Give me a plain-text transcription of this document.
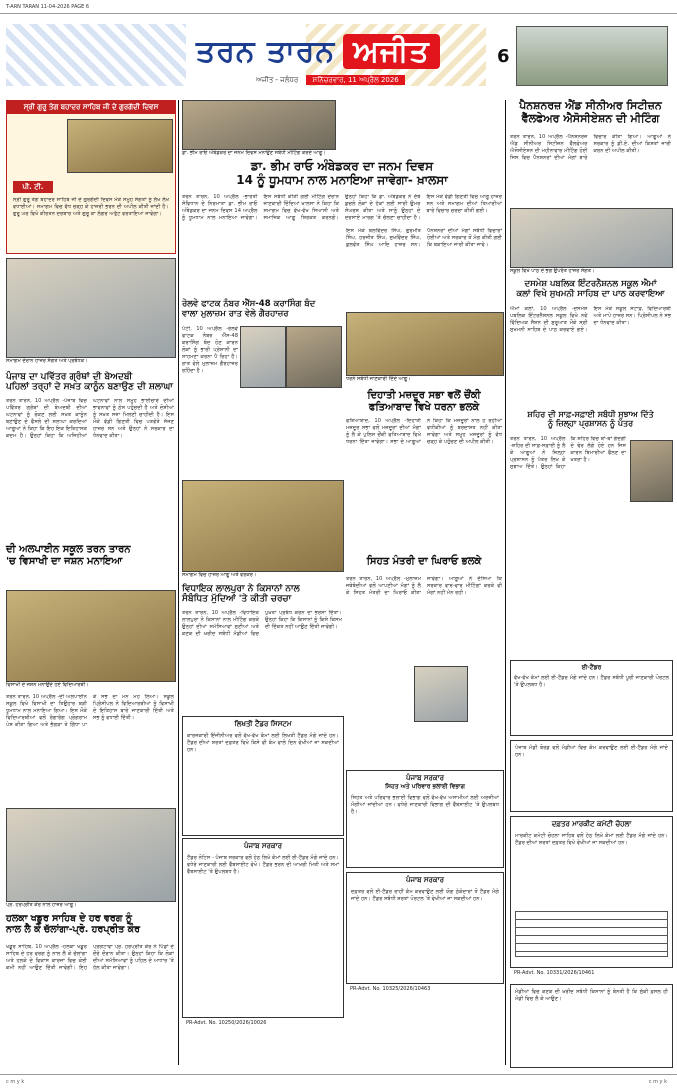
T-ARN TARAN 11-04-2026 PAGE 6
ਤਰਨ ਤਾਰਨ ਅਜੀਤ
ਅਜੀਤ - ਜਲੰਧਰ ਸ਼ਨਿੱਚਰਵਾਰ, 11 ਅਪ੍ਰੈਲ 2026
6
ਸ੍ਰੀ ਗੁਰੂ ਤੇਗ ਬਹਾਦਰ ਸਾਹਿਬ ਜੀ ਦੇ ਗੁਰਗੱਦੀ ਦਿਵਸ
ਪੀ. ਟੀ.
ਸ੍ਰੀ ਗੁਰੂ ਤੇਗ ਬਹਾਦਰ ਸਾਹਿਬ ਜੀ ਦੇ ਗੁਰਗੱਦੀ ਦਿਵਸ ਮੌਕੇ ਸਮੂਹ ਸੰਗਤਾਂ ਨੂੰ ਲੱਖ ਲੱਖ ਵਧਾਈਆਂ। ਸਮਾਗਮ ਵਿਚ ਵੱਧ ਚੜ੍ਹ ਕੇ ਹਾਜ਼ਰੀ ਭਰਨ ਦੀ ਅਪੀਲ ਕੀਤੀ ਜਾਂਦੀ ਹੈ। ਗੁਰੂ ਘਰ ਵਿਖੇ ਕੀਰਤਨ ਦਰਬਾਰ ਅਤੇ ਗੁਰੂ ਕਾ ਲੰਗਰ ਅਤੁੱਟ ਵਰਤਾਇਆ ਜਾਵੇਗਾ।
ਸਮਾਗਮ ਦੌਰਾਨ ਹਾਜ਼ਰ ਸੰਗਤ ਅਤੇ ਪ੍ਰਬੰਧਕ।
ਪੰਜਾਬ ਦਾ ਪਵਿੱਤਰ ਗ੍ਰੰਥਾਂ ਦੀ ਬੇਅਦਬੀ
ਪਹਿਲਾਂ ਤਰ੍ਹਾਂ ਦੇ ਸਖ਼ਤ ਕਾਨੂੰਨ ਬਣਾਉਣ ਦੀ ਸ਼ਲਾਘਾ
ਤਰਨ ਤਾਰਨ, 10 ਅਪ੍ਰੈਲ -ਪੰਜਾਬ ਵਿਚ ਪਵਿੱਤਰ ਗ੍ਰੰਥਾਂ ਦੀ ਬੇਅਦਬੀ ਦੀਆਂ ਘਟਨਾਵਾਂ ਨੂੰ ਰੋਕਣ ਲਈ ਸਖ਼ਤ ਕਾਨੂੰਨ ਬਣਾਉਣ ਦੇ ਫੈਸਲੇ ਦੀ ਸ਼ਲਾਘਾ ਕਰਦਿਆਂ ਆਗੂਆਂ ਨੇ ਕਿਹਾ ਕਿ ਇਹ ਇਕ ਇਤਿਹਾਸਕ ਕਦਮ ਹੈ। ਉਨ੍ਹਾਂ ਕਿਹਾ ਕਿ ਅਜਿਹੀਆਂ ਘਟਨਾਵਾਂ ਨਾਲ ਸਮੂਹ ਭਾਈਚਾਰੇ ਦੀਆਂ ਭਾਵਨਾਵਾਂ ਨੂੰ ਠੇਸ ਪਹੁੰਚਦੀ ਹੈ ਅਤੇ ਦੋਸ਼ੀਆਂ ਨੂੰ ਸਖ਼ਤ ਸਜ਼ਾ ਮਿਲਣੀ ਚਾਹੀਦੀ ਹੈ। ਇਸ ਮੌਕੇ ਵੱਡੀ ਗਿਣਤੀ ਵਿਚ ਪਤਵੰਤੇ ਸੱਜਣ ਹਾਜ਼ਰ ਸਨ ਅਤੇ ਉਨ੍ਹਾਂ ਨੇ ਸਰਕਾਰ ਦਾ ਧੰਨਵਾਦ ਕੀਤਾ।
ਦੀ ਅਲਪਾਈਨ ਸਕੂਲ ਤਰਨ ਤਾਰਨ
'ਚ ਵਿਸਾਖੀ ਦਾ ਜਸ਼ਨ ਮਨਾਇਆ
ਵਿਸਾਖੀ ਦੇ ਜਸ਼ਨ ਮਨਾਉਂਦੇ ਹੋਏ ਵਿਦਿਆਰਥੀ।
ਤਰਨ ਤਾਰਨ, 10 ਅਪ੍ਰੈਲ -ਦੀ ਅਲਪਾਈਨ ਸਕੂਲ ਵਿਖੇ ਵਿਸਾਖੀ ਦਾ ਤਿਉਹਾਰ ਬੜੀ ਧੂਮਧਾਮ ਨਾਲ ਮਨਾਇਆ ਗਿਆ। ਇਸ ਮੌਕੇ ਵਿਦਿਆਰਥੀਆਂ ਵਲੋਂ ਰੰਗਾਰੰਗ ਪ੍ਰੋਗਰਾਮ ਪੇਸ਼ ਕੀਤਾ ਗਿਆ ਅਤੇ ਭੰਗੜਾ ਤੇ ਗਿੱਧਾ ਪਾ ਕੇ ਸਭ ਦਾ ਮਨ ਮੋਹ ਲਿਆ। ਸਕੂਲ ਪ੍ਰਿੰਸੀਪਲ ਨੇ ਵਿਦਿਆਰਥੀਆਂ ਨੂੰ ਵਿਸਾਖੀ ਦੇ ਇਤਿਹਾਸ ਬਾਰੇ ਜਾਣਕਾਰੀ ਦਿੱਤੀ ਅਤੇ ਸਭ ਨੂੰ ਵਧਾਈ ਦਿੱਤੀ।
ਪ੍ਰੋ. ਹਰਪ੍ਰੀਤ ਕੌਰ ਨਾਲ ਹਾਜ਼ਰ ਆਗੂ।
ਹਲਕਾ ਖਡੂਰ ਸਾਹਿਬ ਦੇ ਹਰ ਵਰਗ ਨੂੰ
ਨਾਲ ਲੈ ਕੇ ਚੱਲਾਂਗਾ-ਪ੍ਰੋ. ਹਰਪ੍ਰੀਤ ਕੌਰ
ਖਡੂਰ ਸਾਹਿਬ, 10 ਅਪ੍ਰੈਲ -ਹਲਕਾ ਖਡੂਰ ਸਾਹਿਬ ਦੇ ਹਰ ਵਰਗ ਨੂੰ ਨਾਲ ਲੈ ਕੇ ਚੱਲਾਂਗਾ ਅਤੇ ਹਲਕੇ ਦੇ ਵਿਕਾਸ ਕਾਰਜਾਂ ਵਿਚ ਕੋਈ ਕਮੀ ਨਹੀਂ ਆਉਣ ਦਿੱਤੀ ਜਾਵੇਗੀ। ਇਹ ਪ੍ਰਗਟਾਵਾ ਪ੍ਰੋ. ਹਰਪ੍ਰੀਤ ਕੌਰ ਨੇ ਪਿੰਡਾਂ ਦੇ ਦੌਰੇ ਦੌਰਾਨ ਕੀਤਾ। ਉਨ੍ਹਾਂ ਕਿਹਾ ਕਿ ਲੋਕਾਂ ਦੀਆਂ ਸਮੱਸਿਆਵਾਂ ਨੂੰ ਪਹਿਲ ਦੇ ਆਧਾਰ 'ਤੇ ਹੱਲ ਕੀਤਾ ਜਾਵੇਗਾ।
ਡਾ. ਭੀਮ ਰਾਓ ਅੰਬੇਡਕਰ ਦਾ ਜਨਮ ਦਿਵਸ ਮਨਾਉਣ ਸਬੰਧੀ ਮੀਟਿੰਗ ਕਰਦੇ ਆਗੂ।
ਡਾ. ਭੀਮ ਰਾਓ ਅੰਬੇਡਕਰ ਦਾ ਜਨਮ ਦਿਵਸ
14 ਨੂੰ ਧੂਮਧਾਮ ਨਾਲ ਮਨਾਇਆ ਜਾਵੇਗਾ- ਖ਼ਾਲਸਾ
ਤਰਨ ਤਾਰਨ, 10 ਅਪ੍ਰੈਲ -ਭਾਰਤੀ ਸੰਵਿਧਾਨ ਦੇ ਨਿਰਮਾਤਾ ਡਾ. ਭੀਮ ਰਾਓ ਅੰਬੇਡਕਰ ਦਾ ਜਨਮ ਦਿਵਸ 14 ਅਪ੍ਰੈਲ ਨੂੰ ਧੂਮਧਾਮ ਨਾਲ ਮਨਾਇਆ ਜਾਵੇਗਾ। ਇਸ ਸਬੰਧੀ ਕੀਤੀ ਗਈ ਮੀਟਿੰਗ ਦੌਰਾਨ ਜਾਣਕਾਰੀ ਦਿੰਦਿਆਂ ਖ਼ਾਲਸਾ ਨੇ ਕਿਹਾ ਕਿ ਸਮਾਗਮ ਵਿਚ ਵੱਖ-ਵੱਖ ਸਿਆਸੀ ਅਤੇ ਸਮਾਜਿਕ ਆਗੂ ਸ਼ਿਰਕਤ ਕਰਨਗੇ। ਉਨ੍ਹਾਂ ਕਿਹਾ ਕਿ ਡਾ. ਅੰਬੇਡਕਰ ਨੇ ਦੱਬੇ ਕੁਚਲੇ ਲੋਕਾਂ ਦੇ ਹੱਕਾਂ ਲਈ ਸਾਰੀ ਉਮਰ ਸੰਘਰਸ਼ ਕੀਤਾ ਅਤੇ ਸਾਨੂੰ ਉਨ੍ਹਾਂ ਦੇ ਦਰਸਾਏ ਮਾਰਗ 'ਤੇ ਚੱਲਣਾ ਚਾਹੀਦਾ ਹੈ। ਇਸ ਮੌਕੇ ਵੱਡੀ ਗਿਣਤੀ ਵਿਚ ਆਗੂ ਹਾਜ਼ਰ ਸਨ ਅਤੇ ਸਮਾਗਮ ਦੀਆਂ ਤਿਆਰੀਆਂ ਬਾਰੇ ਵਿਚਾਰ ਚਰਚਾ ਕੀਤੀ ਗਈ।
ਰੇਲਵੇ ਫਾਟਕ ਨੰਬਰ ਐੱਸ-48 ਕਰਾਸਿੰਗ ਬੰਦ
ਵਾਲਾ ਮੁਲਾਜ਼ਮ ਰਾਤ ਵੇਲੇ ਗੈਰਹਾਜ਼ਰ
ਪੱਟੀ, 10 ਅਪ੍ਰੈਲ -ਰੇਲਵੇ ਫਾਟਕ ਨੰਬਰ ਐੱਸ-48 ਕਰਾਸਿੰਗ ਬੰਦ ਹੋਣ ਕਾਰਨ ਲੋਕਾਂ ਨੂੰ ਭਾਰੀ ਪ੍ਰੇਸ਼ਾਨੀ ਦਾ ਸਾਹਮਣਾ ਕਰਨਾ ਪੈ ਰਿਹਾ ਹੈ। ਰਾਤ ਵੇਲੇ ਮੁਲਾਜ਼ਮ ਗੈਰਹਾਜ਼ਰ ਰਹਿੰਦਾ ਹੈ।
ਸਮਾਗਮ ਵਿਚ ਹਾਜ਼ਰ ਆਗੂ ਅਤੇ ਵਰਕਰ।
ਵਿਧਾਇਕ ਲਾਲਪੁਰਾ ਨੇ ਕਿਸਾਨਾਂ ਨਾਲ
ਸੰਬੰਧਿਤ ਮੁੱਦਿਆਂ 'ਤੇ ਕੀਤੀ ਚਰਚਾ
ਤਰਨ ਤਾਰਨ, 10 ਅਪ੍ਰੈਲ -ਵਿਧਾਇਕ ਲਾਲਪੁਰਾ ਨੇ ਕਿਸਾਨਾਂ ਨਾਲ ਮੀਟਿੰਗ ਕਰਕੇ ਉਨ੍ਹਾਂ ਦੀਆਂ ਸਮੱਸਿਆਵਾਂ ਸੁਣੀਆਂ ਅਤੇ ਕਣਕ ਦੀ ਖ਼ਰੀਦ ਸਬੰਧੀ ਮੰਡੀਆਂ ਵਿਚ ਪੁਖ਼ਤਾ ਪ੍ਰਬੰਧ ਕਰਨ ਦਾ ਭਰੋਸਾ ਦਿੱਤਾ। ਉਨ੍ਹਾਂ ਕਿਹਾ ਕਿ ਕਿਸਾਨਾਂ ਨੂੰ ਕਿਸੇ ਕਿਸਮ ਦੀ ਦਿੱਕਤ ਨਹੀਂ ਆਉਣ ਦਿੱਤੀ ਜਾਵੇਗੀ।
ਲਿਖਤੀ ਟੈਂਡਰ ਸਿਸਟਮ
ਕਾਰਜਕਾਰੀ ਇੰਜੀਨੀਅਰ ਵਲੋਂ ਵੱਖ-ਵੱਖ ਕੰਮਾਂ ਲਈ ਲਿਖਤੀ ਟੈਂਡਰ ਮੰਗੇ ਜਾਂਦੇ ਹਨ। ਟੈਂਡਰ ਦੀਆਂ ਸ਼ਰਤਾਂ ਦਫ਼ਤਰ ਵਿਖੇ ਕਿਸੇ ਵੀ ਕੰਮ ਵਾਲੇ ਦਿਨ ਵੇਖੀਆਂ ਜਾ ਸਕਦੀਆਂ ਹਨ।
ਪੰਜਾਬ ਸਰਕਾਰ
ਟੈਂਡਰ ਨੋਟਿਸ - ਪੰਜਾਬ ਸਰਕਾਰ ਵਲੋਂ ਹੇਠ ਲਿਖੇ ਕੰਮਾਂ ਲਈ ਈ-ਟੈਂਡਰ ਮੰਗੇ ਜਾਂਦੇ ਹਨ। ਵਧੇਰੇ ਜਾਣਕਾਰੀ ਲਈ ਵੈੱਬਸਾਈਟ ਵੇਖੋ। ਟੈਂਡਰ ਭਰਨ ਦੀ ਆਖਰੀ ਮਿਤੀ ਅਤੇ ਸਮਾਂ ਵੈੱਬਸਾਈਟ 'ਤੇ ਉਪਲਬਧ ਹੈ।
PR-Advt. No. 10250/2026/10026
ਇਸ ਮੌਕੇ ਬਲਵਿੰਦਰ ਸਿੰਘ, ਗੁਰਮੀਤ ਸਿੰਘ, ਹਰਜੀਤ ਸਿੰਘ, ਸੁਖਵਿੰਦਰ ਸਿੰਘ, ਕੁਲਵੰਤ ਸਿੰਘ ਆਦਿ ਹਾਜ਼ਰ ਸਨ। ਪੈਨਸ਼ਨਰਾਂ ਦੀਆਂ ਮੰਗਾਂ ਸਬੰਧੀ ਵਿਚਾਰਾਂ ਹੋਈਆਂ ਅਤੇ ਸਰਕਾਰ ਤੋਂ ਮੰਗ ਕੀਤੀ ਗਈ ਕਿ ਬਕਾਇਆ ਜਾਰੀ ਕੀਤਾ ਜਾਵੇ।
ਧਰਨੇ ਸਬੰਧੀ ਜਾਣਕਾਰੀ ਦਿੰਦੇ ਆਗੂ।
ਦਿਹਾਤੀ ਮਜ਼ਦੂਰ ਸਭਾ ਵਲੋਂ ਚੌਂਕੀ
ਫਤਿਆਬਾਦ ਵਿਖੇ ਧਰਨਾ ਭਲਕੇ
ਫਤਿਆਬਾਦ, 10 ਅਪ੍ਰੈਲ -ਦਿਹਾਤੀ ਮਜ਼ਦੂਰ ਸਭਾ ਵਲੋਂ ਮਜ਼ਦੂਰਾਂ ਦੀਆਂ ਮੰਗਾਂ ਨੂੰ ਲੈ ਕੇ ਪੁਲਿਸ ਚੌਂਕੀ ਫਤਿਆਬਾਦ ਵਿਖੇ ਧਰਨਾ ਦਿੱਤਾ ਜਾਵੇਗਾ। ਸਭਾ ਦੇ ਆਗੂਆਂ ਨੇ ਕਿਹਾ ਕਿ ਮਜ਼ਦੂਰਾਂ ਨਾਲ ਹੋ ਰਹੀਆਂ ਵਧੀਕੀਆਂ ਨੂੰ ਬਰਦਾਸ਼ਤ ਨਹੀਂ ਕੀਤਾ ਜਾਵੇਗਾ ਅਤੇ ਸਮੂਹ ਮਜ਼ਦੂਰਾਂ ਨੂੰ ਵੱਧ ਚੜ੍ਹ ਕੇ ਪਹੁੰਚਣ ਦੀ ਅਪੀਲ ਕੀਤੀ।
ਸਿਹਤ ਮੰਤਰੀ ਦਾ ਘਿਰਾਓ ਭਲਕੇ
ਤਰਨ ਤਾਰਨ, 10 ਅਪ੍ਰੈਲ -ਮੁਲਾਜ਼ਮ ਜਥੇਬੰਦੀਆਂ ਵਲੋਂ ਆਪਣੀਆਂ ਮੰਗਾਂ ਨੂੰ ਲੈ ਕੇ ਸਿਹਤ ਮੰਤਰੀ ਦਾ ਘਿਰਾਓ ਕੀਤਾ ਜਾਵੇਗਾ। ਆਗੂਆਂ ਨੇ ਦੱਸਿਆ ਕਿ ਸਰਕਾਰ ਵਾਰ-ਵਾਰ ਮੀਟਿੰਗਾਂ ਕਰਕੇ ਵੀ ਮੰਗਾਂ ਨਹੀਂ ਮੰਨ ਰਹੀ।
ਪੰਜਾਬ ਸਰਕਾਰ
ਸਿਹਤ ਅਤੇ ਪਰਿਵਾਰ ਭਲਾਈ ਵਿਭਾਗ
ਸਿਹਤ ਅਤੇ ਪਰਿਵਾਰ ਭਲਾਈ ਵਿਭਾਗ ਵਲੋਂ ਵੱਖ-ਵੱਖ ਅਸਾਮੀਆਂ ਲਈ ਅਰਜ਼ੀਆਂ ਮੰਗੀਆਂ ਜਾਂਦੀਆਂ ਹਨ। ਵਧੇਰੇ ਜਾਣਕਾਰੀ ਵਿਭਾਗ ਦੀ ਵੈੱਬਸਾਈਟ 'ਤੇ ਉਪਲਬਧ ਹੈ।
ਪੰਜਾਬ ਸਰਕਾਰ
ਦਫ਼ਤਰ ਵਲੋਂ ਈ-ਟੈਂਡਰ ਰਾਹੀਂ ਕੰਮ ਕਰਵਾਉਣ ਲਈ ਯੋਗ ਠੇਕੇਦਾਰਾਂ ਤੋਂ ਟੈਂਡਰ ਮੰਗੇ ਜਾਂਦੇ ਹਨ। ਟੈਂਡਰ ਸਬੰਧੀ ਸ਼ਰਤਾਂ ਪੋਰਟਲ 'ਤੇ ਵੇਖੀਆਂ ਜਾ ਸਕਦੀਆਂ ਹਨ।
PR-Advt. No. 10325/2026/10463
ਪੈਨਸ਼ਨਰਜ਼ ਐਂਡ ਸੀਨੀਅਰ ਸਿਟੀਜ਼ਨ
ਵੈੱਲਫੇਅਰ ਐਸੋਸੀਏਸ਼ਨ ਦੀ ਮੀਟਿੰਗ
ਤਰਨ ਤਾਰਨ, 10 ਅਪ੍ਰੈਲ -ਪੈਨਸ਼ਨਰਜ਼ ਐਂਡ ਸੀਨੀਅਰ ਸਿਟੀਜ਼ਨ ਵੈੱਲਫੇਅਰ ਐਸੋਸੀਏਸ਼ਨ ਦੀ ਮਹੀਨਾਵਾਰ ਮੀਟਿੰਗ ਹੋਈ ਜਿਸ ਵਿਚ ਪੈਨਸ਼ਨਰਾਂ ਦੀਆਂ ਮੰਗਾਂ ਬਾਰੇ ਵਿਚਾਰ ਕੀਤਾ ਗਿਆ। ਆਗੂਆਂ ਨੇ ਸਰਕਾਰ ਨੂੰ ਡੀ.ਏ. ਦੀਆਂ ਕਿਸ਼ਤਾਂ ਜਾਰੀ ਕਰਨ ਦੀ ਅਪੀਲ ਕੀਤੀ।
ਸਕੂਲ ਵਿਖੇ ਪਾਠ ਦੇ ਭੋਗ ਉਪਰੰਤ ਹਾਜ਼ਰ ਸੰਗਤ।
ਦਸਮੇਸ਼ ਪਬਲਿਕ ਇੰਟਰਨੈਸ਼ਨਲ ਸਕੂਲ ਐਮਾਂ
ਕਲਾਂ ਵਿਖੇ ਸੁਖਮਨੀ ਸਾਹਿਬ ਦਾ ਪਾਠ ਕਰਵਾਇਆ
ਐਮਾਂ ਕਲਾਂ, 10 ਅਪ੍ਰੈਲ -ਦਸਮੇਸ਼ ਪਬਲਿਕ ਇੰਟਰਨੈਸ਼ਨਲ ਸਕੂਲ ਵਿਖੇ ਨਵੇਂ ਵਿੱਦਿਅਕ ਸੈਸ਼ਨ ਦੀ ਸ਼ੁਰੂਆਤ ਮੌਕੇ ਸ੍ਰੀ ਸੁਖਮਨੀ ਸਾਹਿਬ ਦੇ ਪਾਠ ਕਰਵਾਏ ਗਏ। ਇਸ ਮੌਕੇ ਸਕੂਲ ਸਟਾਫ਼, ਵਿਦਿਆਰਥੀ ਅਤੇ ਮਾਪੇ ਹਾਜ਼ਰ ਸਨ। ਪ੍ਰਿੰਸੀਪਲ ਨੇ ਸਭ ਦਾ ਧੰਨਵਾਦ ਕੀਤਾ।
ਸ਼ਹਿਰ ਦੀ ਸਾਫ਼-ਸਫ਼ਾਈ ਸਬੰਧੀ ਸੁਝਾਅ ਦਿੱਤੇ
ਨੂੰ ਜ਼ਿਲ੍ਹਾ ਪ੍ਰਸ਼ਾਸਨ ਨੂੰ ਪੱਤਰ
ਤਰਨ ਤਾਰਨ, 10 ਅਪ੍ਰੈਲ -ਸ਼ਹਿਰ ਦੀ ਸਾਫ਼-ਸਫ਼ਾਈ ਨੂੰ ਲੈ ਕੇ ਆਗੂਆਂ ਨੇ ਜ਼ਿਲ੍ਹਾ ਪ੍ਰਸ਼ਾਸਨ ਨੂੰ ਪੱਤਰ ਲਿਖ ਕੇ ਸੁਝਾਅ ਦਿੱਤੇ। ਉਨ੍ਹਾਂ ਕਿਹਾ ਕਿ ਸ਼ਹਿਰ ਵਿਚ ਥਾਂ-ਥਾਂ ਗੰਦਗੀ ਦੇ ਢੇਰ ਲੱਗੇ ਹੋਏ ਹਨ ਜਿਸ ਕਾਰਨ ਬਿਮਾਰੀਆਂ ਫੈਲਣ ਦਾ ਖ਼ਤਰਾ ਹੈ।
ਈ-ਟੈਂਡਰ
ਵੱਖ-ਵੱਖ ਕੰਮਾਂ ਲਈ ਈ-ਟੈਂਡਰ ਮੰਗੇ ਜਾਂਦੇ ਹਨ। ਟੈਂਡਰ ਸਬੰਧੀ ਪੂਰੀ ਜਾਣਕਾਰੀ ਪੋਰਟਲ 'ਤੇ ਉਪਲਬਧ ਹੈ।
ਪੰਜਾਬ ਮੰਡੀ ਬੋਰਡ ਵਲੋਂ ਮੰਡੀਆਂ ਵਿਚ ਕੰਮ ਕਰਵਾਉਣ ਲਈ ਈ-ਟੈਂਡਰ ਮੰਗੇ ਜਾਂਦੇ ਹਨ।
ਦਫ਼ਤਰ ਮਾਰਕੀਟ ਕਮੇਟੀ ਚੋਹਲਾ
ਮਾਰਕੀਟ ਕਮੇਟੀ ਚੋਹਲਾ ਸਾਹਿਬ ਵਲੋਂ ਹੇਠ ਲਿਖੇ ਕੰਮਾਂ ਲਈ ਟੈਂਡਰ ਮੰਗੇ ਜਾਂਦੇ ਹਨ। ਟੈਂਡਰ ਦੀਆਂ ਸ਼ਰਤਾਂ ਦਫ਼ਤਰ ਵਿਖੇ ਵੇਖੀਆਂ ਜਾ ਸਕਦੀਆਂ ਹਨ।
PR-Advt. No. 10331/2026/10461
ਮੰਡੀਆਂ ਵਿਚ ਕਣਕ ਦੀ ਖ਼ਰੀਦ ਸਬੰਧੀ ਕਿਸਾਨਾਂ ਨੂੰ ਬੇਨਤੀ ਹੈ ਕਿ ਸੁੱਕੀ ਫ਼ਸਲ ਹੀ ਮੰਡੀ ਵਿਚ ਲੈ ਕੇ ਆਉਣ।
c m y k	c m y k
